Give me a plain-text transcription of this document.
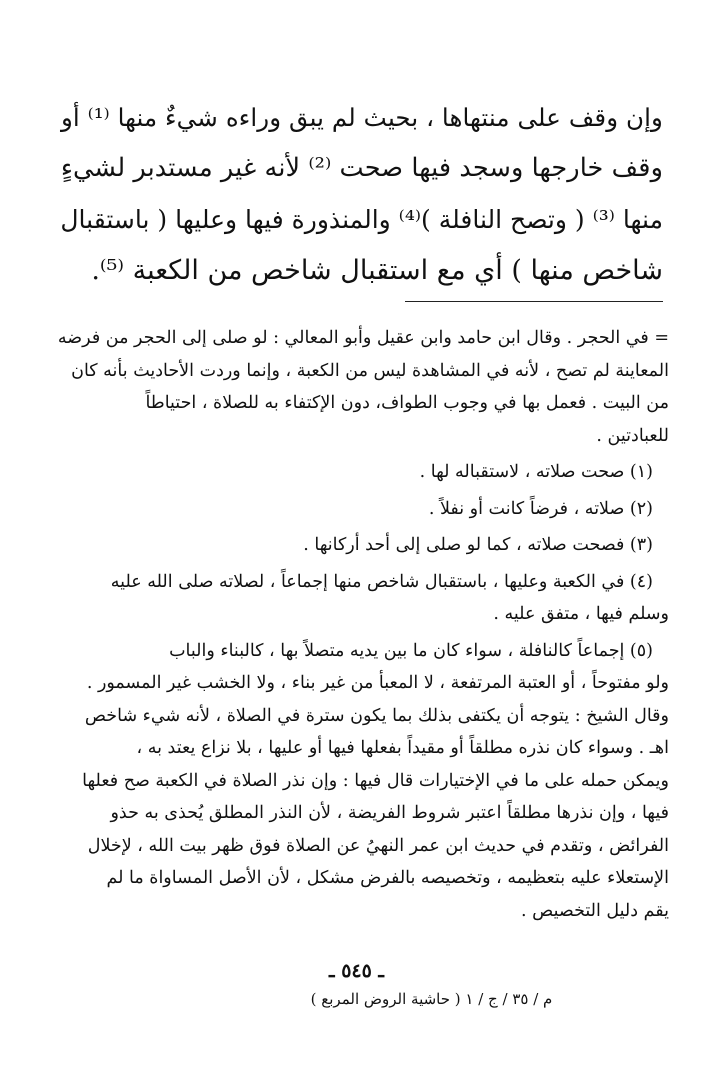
وإن وقف على منتهاها ، بحيث لم يبق وراءه شيءٌ منها ⁽¹⁾ أو
وقف خارجها وسجد فيها صحت ⁽²⁾ لأنه غير مستدبر لشيءٍ
منها ⁽³⁾ ( وتصح النافلة )⁽⁴⁾ والمنذورة فيها وعليها ( باستقبال
شاخص منها ) أي مع استقبال شاخص من الكعبة ⁽⁵⁾.
= في الحجر . وقال ابن حامد وابن عقيل وأبو المعالي : لو صلى إلى الحجر من فرضه
المعاينة لم تصح ، لأنه في المشاهدة ليس من الكعبة ، وإنما وردت الأحاديث بأنه كان
من البيت . فعمل بها في وجوب الطواف، دون الإكتفاء به للصلاة ، احتياطاً
للعبادتين .
(١) صحت صلاته ، لاستقباله لها .
(٢) صلاته ، فرضاً كانت أو نفلاً .
(٣) فصحت صلاته ، كما لو صلى إلى أحد أركانها .
(٤) في الكعبة وعليها ، باستقبال شاخص منها إجماعاً ، لصلاته صلى الله عليه
وسلم فيها ، متفق عليه .
(٥) إجماعاً كالنافلة ، سواء كان ما بين يديه متصلاً بها ، كالبناء والباب
ولو مفتوحاً ، أو العتبة المرتفعة ، لا المعبأ من غير بناء ، ولا الخشب غير المسمور .
وقال الشيخ : يتوجه أن يكتفى بذلك بما يكون سترة في الصلاة ، لأنه شيء شاخص
اهـ . وسواء كان نذره مطلقاً أو مقيداً بفعلها فيها أو عليها ، بلا نزاع يعتد به ،
ويمكن حمله على ما في الإختيارات قال فيها : وإن نذر الصلاة في الكعبة صح فعلها
فيها ، وإن نذرها مطلقاً اعتبر شروط الفريضة ، لأن النذر المطلق يُحذى به حذو
الفرائض ، وتقدم في حديث ابن عمر النهيُ عن الصلاة فوق ظهر بيت الله ، لإخلال
الإستعلاء عليه بتعظيمه ، وتخصيصه بالفرض مشكل ، لأن الأصل المساواة ما لم
يقم دليل التخصيص .
ـ ٥٤٥ ـ
م / ٣٥ / ج / ١ ( حاشية الروض المربع )
